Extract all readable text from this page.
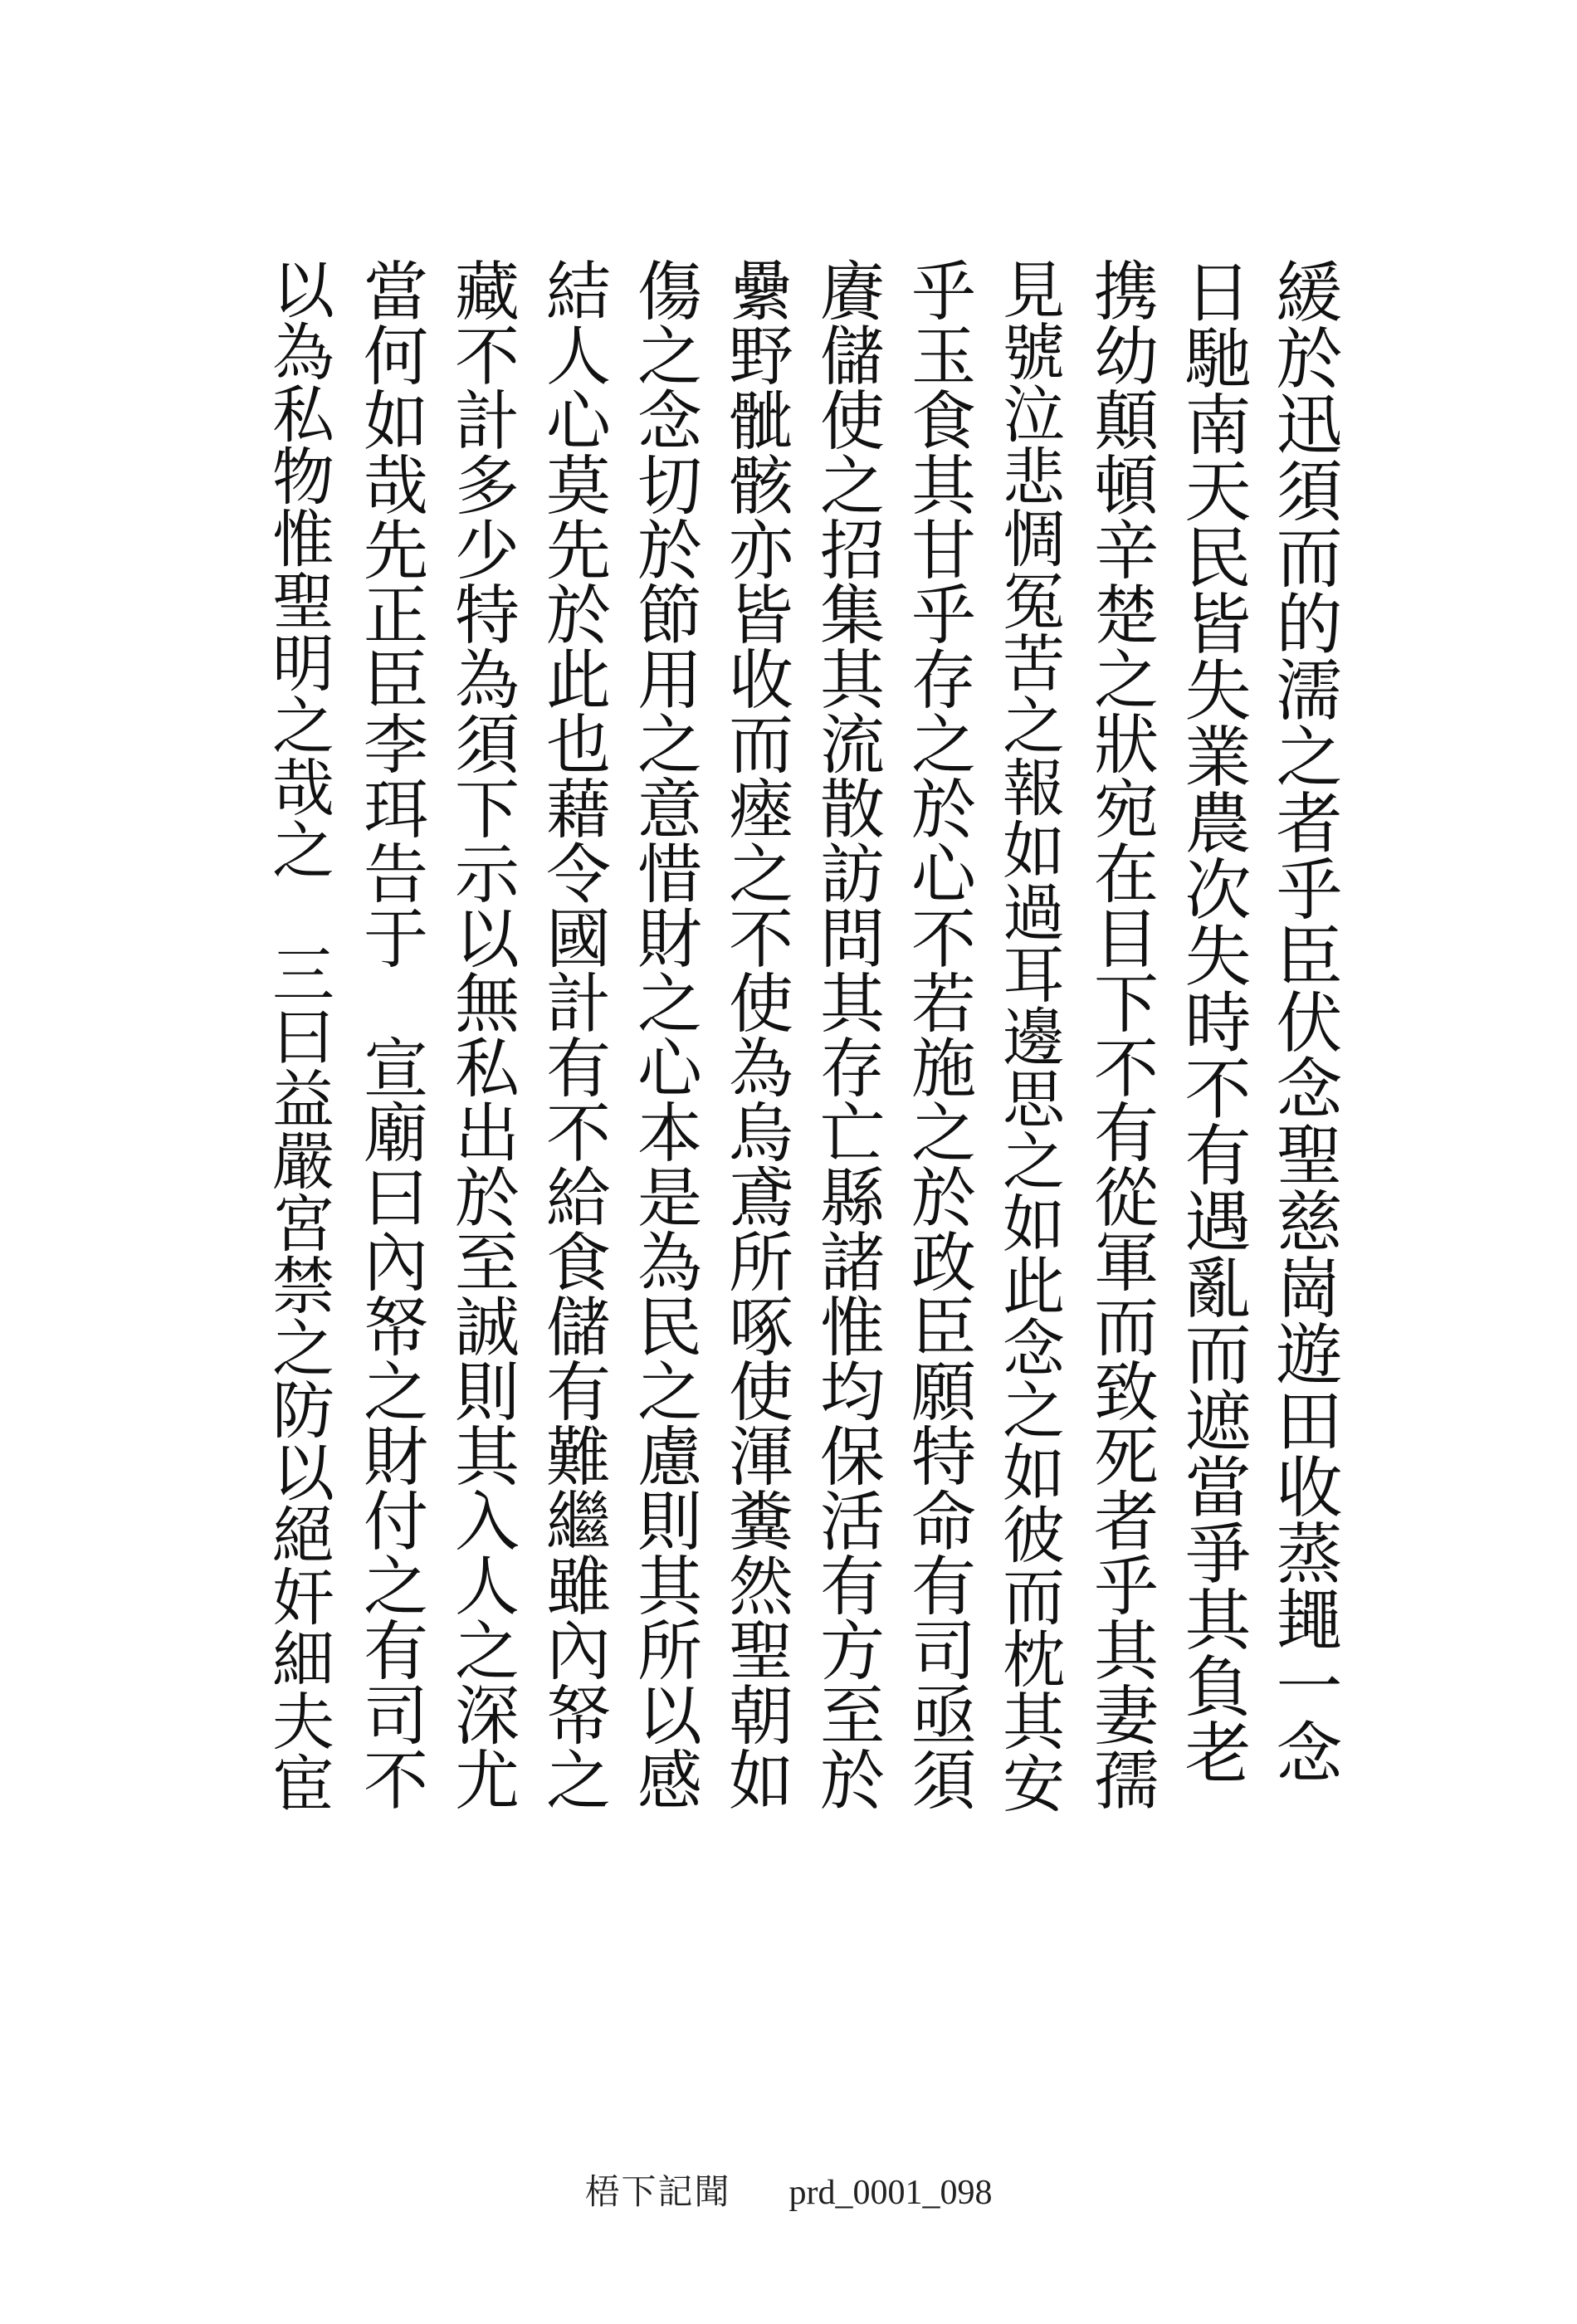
緩於迅須而的濡之者乎臣伏念聖慈崗遊田收蒸䵷一念
日馳南天民皆失業農次失時不有遇亂而遮當爭其負老
携幼顛頓辛楚之狀宛在目下不有從軍而致死者乎其妻孺
見號泣悲惆冤苦之報如過耳邊思之如此念之如彼而枕其安
乎玉食其甘乎存之於心不若施之於政臣願特命有司亟須
賡儲使之招集其流散訪問其存亡縣諸惟均保活有方至於
纍野骴骸亦皆收而瘞之不使為烏鳶所啄使渾糞然聖朝如
傷之念切於節用之意惜財之心本是為民之慮則其所以感
結人心莫先於此也藉令國計有不給食儲有難繼雖內帑之
藏不計多少特為須下示以無私出於至誠則其入人之深尤
當何如哉先正臣李珥告于　宣廟曰內帑之財付之有司不
以為私物惟聖明之哉之　三曰益嚴宮禁之防以絕奸細夫宦
梧下記聞 prd_0001_098
